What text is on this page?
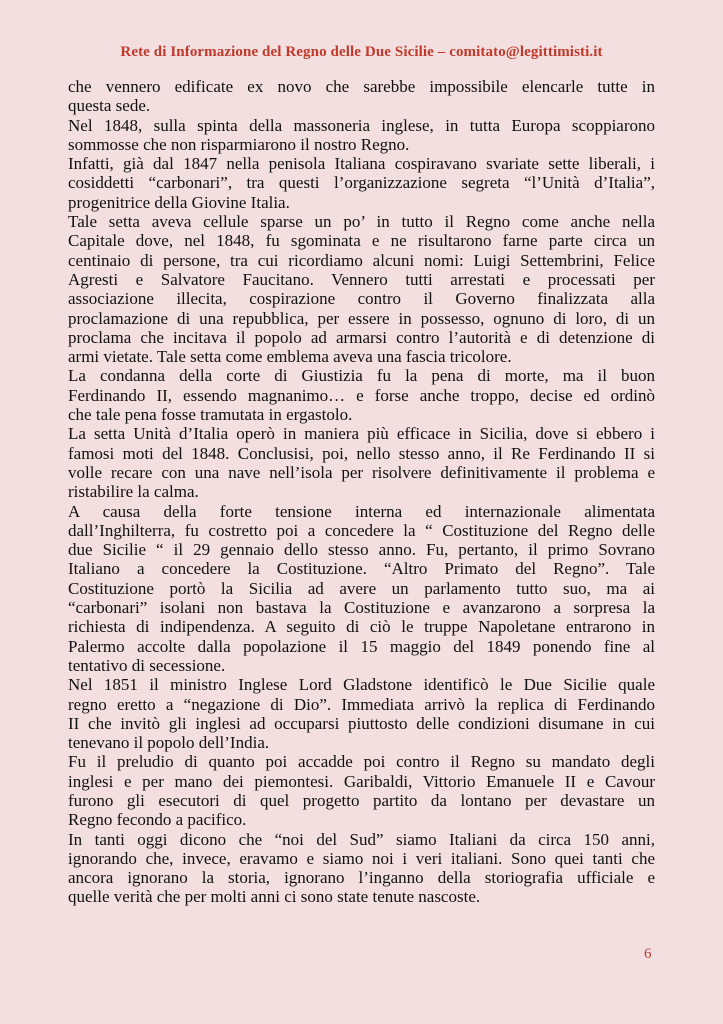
Rete di Informazione del Regno delle Due Sicilie – comitato@legittimisti.it
che vennero edificate ex novo che sarebbe impossibile elencarle tutte in
questa sede.
Nel 1848, sulla spinta della massoneria inglese, in tutta Europa scoppiarono
sommosse che non risparmiarono il nostro Regno.
Infatti, già dal 1847 nella penisola Italiana cospiravano svariate sette liberali, i
cosiddetti “carbonari”, tra questi l’organizzazione segreta “l’Unità d’Italia”,
progenitrice della Giovine Italia.
Tale setta aveva cellule sparse un po’ in tutto il Regno come anche nella
Capitale dove, nel 1848, fu sgominata e ne risultarono farne parte circa un
centinaio di persone, tra cui ricordiamo alcuni nomi: Luigi Settembrini, Felice
Agresti e Salvatore Faucitano. Vennero tutti arrestati e processati per
associazione illecita, cospirazione contro il Governo finalizzata alla
proclamazione di una repubblica, per essere in possesso, ognuno di loro, di un
proclama che incitava il popolo ad armarsi contro l’autorità e di detenzione di
armi vietate. Tale setta come emblema aveva una fascia tricolore.
La condanna della corte di Giustizia fu la pena di morte, ma il buon
Ferdinando II, essendo magnanimo… e forse anche troppo, decise ed ordinò
che tale pena fosse tramutata in ergastolo.
La setta Unità d’Italia operò in maniera più efficace in Sicilia, dove si ebbero i
famosi moti del 1848. Conclusisi, poi, nello stesso anno, il Re Ferdinando II si
volle recare con una nave nell’isola per risolvere definitivamente il problema e
ristabilire la calma.
A causa della forte tensione interna ed internazionale alimentata
dall’Inghilterra, fu costretto poi a concedere la “ Costituzione del Regno delle
due Sicilie “ il 29 gennaio dello stesso anno. Fu, pertanto, il primo Sovrano
Italiano a concedere la Costituzione. “Altro Primato del Regno”. Tale
Costituzione portò la Sicilia ad avere un parlamento tutto suo, ma ai
“carbonari” isolani non bastava la Costituzione e avanzarono a sorpresa la
richiesta di indipendenza. A seguito di ciò le truppe Napoletane entrarono in
Palermo accolte dalla popolazione il 15 maggio del 1849 ponendo fine al
tentativo di secessione.
Nel 1851 il ministro Inglese Lord Gladstone identificò le Due Sicilie quale
regno eretto a “negazione di Dio”. Immediata arrivò la replica di Ferdinando
II che invitò gli inglesi ad occuparsi piuttosto delle condizioni disumane in cui
tenevano il popolo dell’India.
Fu il preludio di quanto poi accadde poi contro il Regno su mandato degli
inglesi e per mano dei piemontesi. Garibaldi, Vittorio Emanuele II e Cavour
furono gli esecutori di quel progetto partito da lontano per devastare un
Regno fecondo a pacifico.
In tanti oggi dicono che “noi del Sud” siamo Italiani da circa 150 anni,
ignorando che, invece, eravamo e siamo noi i veri italiani. Sono quei tanti che
ancora ignorano la storia, ignorano l’inganno della storiografia ufficiale e
quelle verità che per molti anni ci sono state tenute nascoste.
6
